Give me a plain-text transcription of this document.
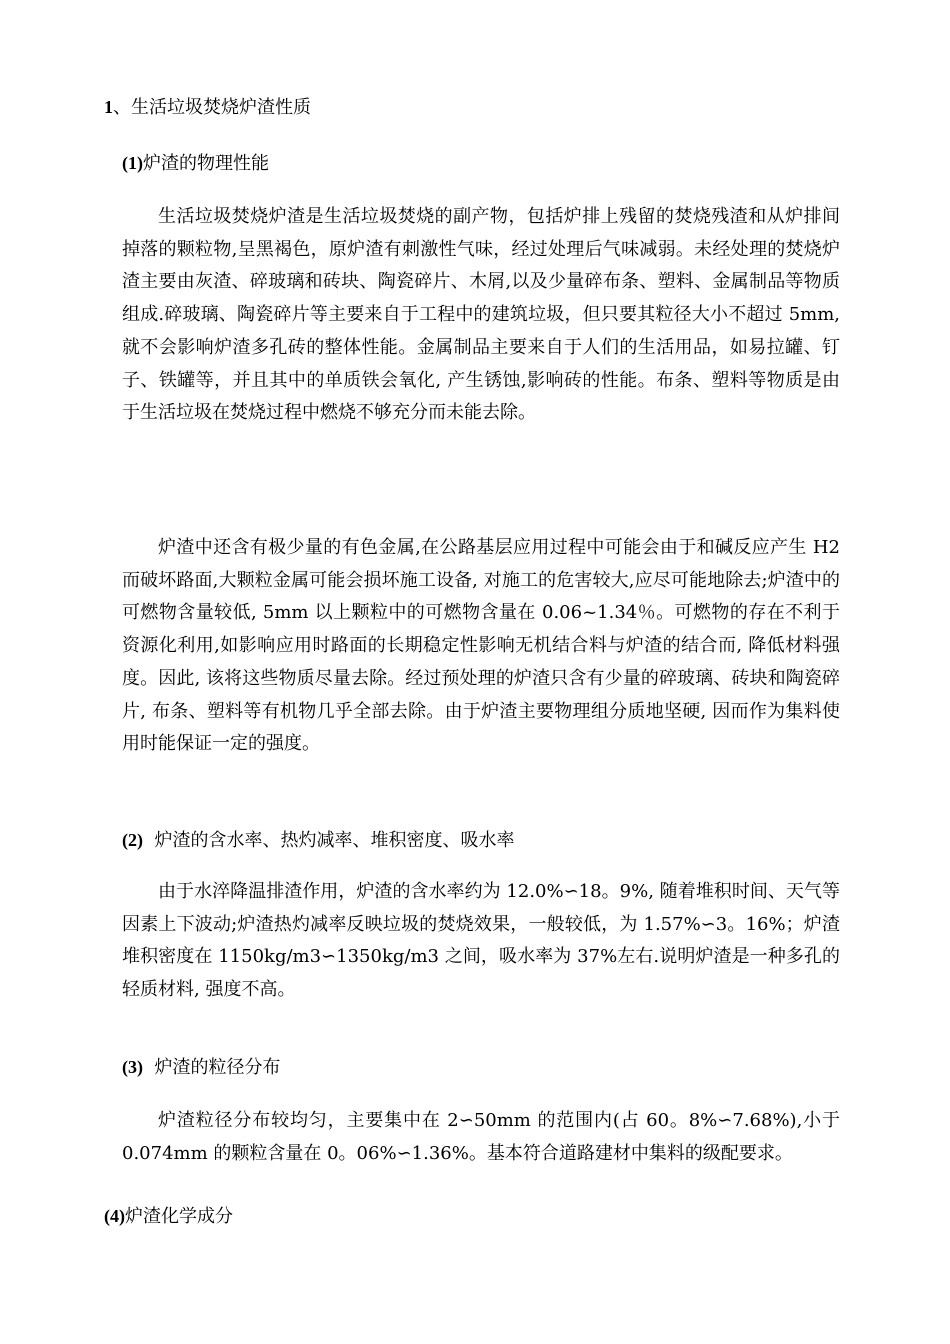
1、生活垃圾焚烧炉渣性质
(1)炉渣的物理性能

生活垃圾焚烧炉渣是生活垃圾焚烧的副产物，包括炉排上残留的焚烧残渣和从炉排间掉落的颗粒物,呈黑褐色，原炉渣有刺激性气味，经过处理后气味减弱。未经处理的焚烧炉渣主要由灰渣、碎玻璃和砖块、陶瓷碎片、木屑,以及少量碎布条、塑料、金属制品等物质组成.碎玻璃、陶瓷碎片等主要来自于工程中的建筑垃圾，但只要其粒径大小不超过 5mm, 就不会影响炉渣多孔砖的整体性能。金属制品主要来自于人们的生活用品，如易拉罐、钉子、铁罐等，并且其中的单质铁会氧化, 产生锈蚀,影响砖的性能。布条、塑料等物质是由于生活垃圾在焚烧过程中燃烧不够充分而未能去除。

炉渣中还含有极少量的有色金属,在公路基层应用过程中可能会由于和碱反应产生 H2 而破坏路面,大颗粒金属可能会损坏施工设备, 对施工的危害较大,应尽可能地除去;炉渣中的可燃物含量较低, 5mm 以上颗粒中的可燃物含量在 0.06~1.34％。可燃物的存在不利于资源化利用,如影响应用时路面的长期稳定性影响无机结合料与炉渣的结合而, 降低材料强度。因此, 该将这些物质尽量去除。经过预处理的炉渣只含有少量的碎玻璃、砖块和陶瓷碎片, 布条、塑料等有机物几乎全部去除。由于炉渣主要物理组分质地坚硬, 因而作为集料使用时能保证一定的强度。

(2) 炉渣的含水率、热灼减率、堆积密度、吸水率

由于水淬降温排渣作用，炉渣的含水率约为 12.0%∽18。9%, 随着堆积时间、天气等因素上下波动;炉渣热灼减率反映垃圾的焚烧效果，一般较低，为 1.57%∽3。16%；炉渣堆积密度在 1150kg/m3∽1350kg/m3 之间，吸水率为 37%左右.说明炉渣是一种多孔的轻质材料, 强度不高。

(3) 炉渣的粒径分布

炉渣粒径分布较均匀，主要集中在 2∽50mm 的范围内(占 60。8%∽7.68%),小于 0.074mm 的颗粒含量在 0。06%∽1.36%。基本符合道路建材中集料的级配要求。

(4)炉渣化学成分
